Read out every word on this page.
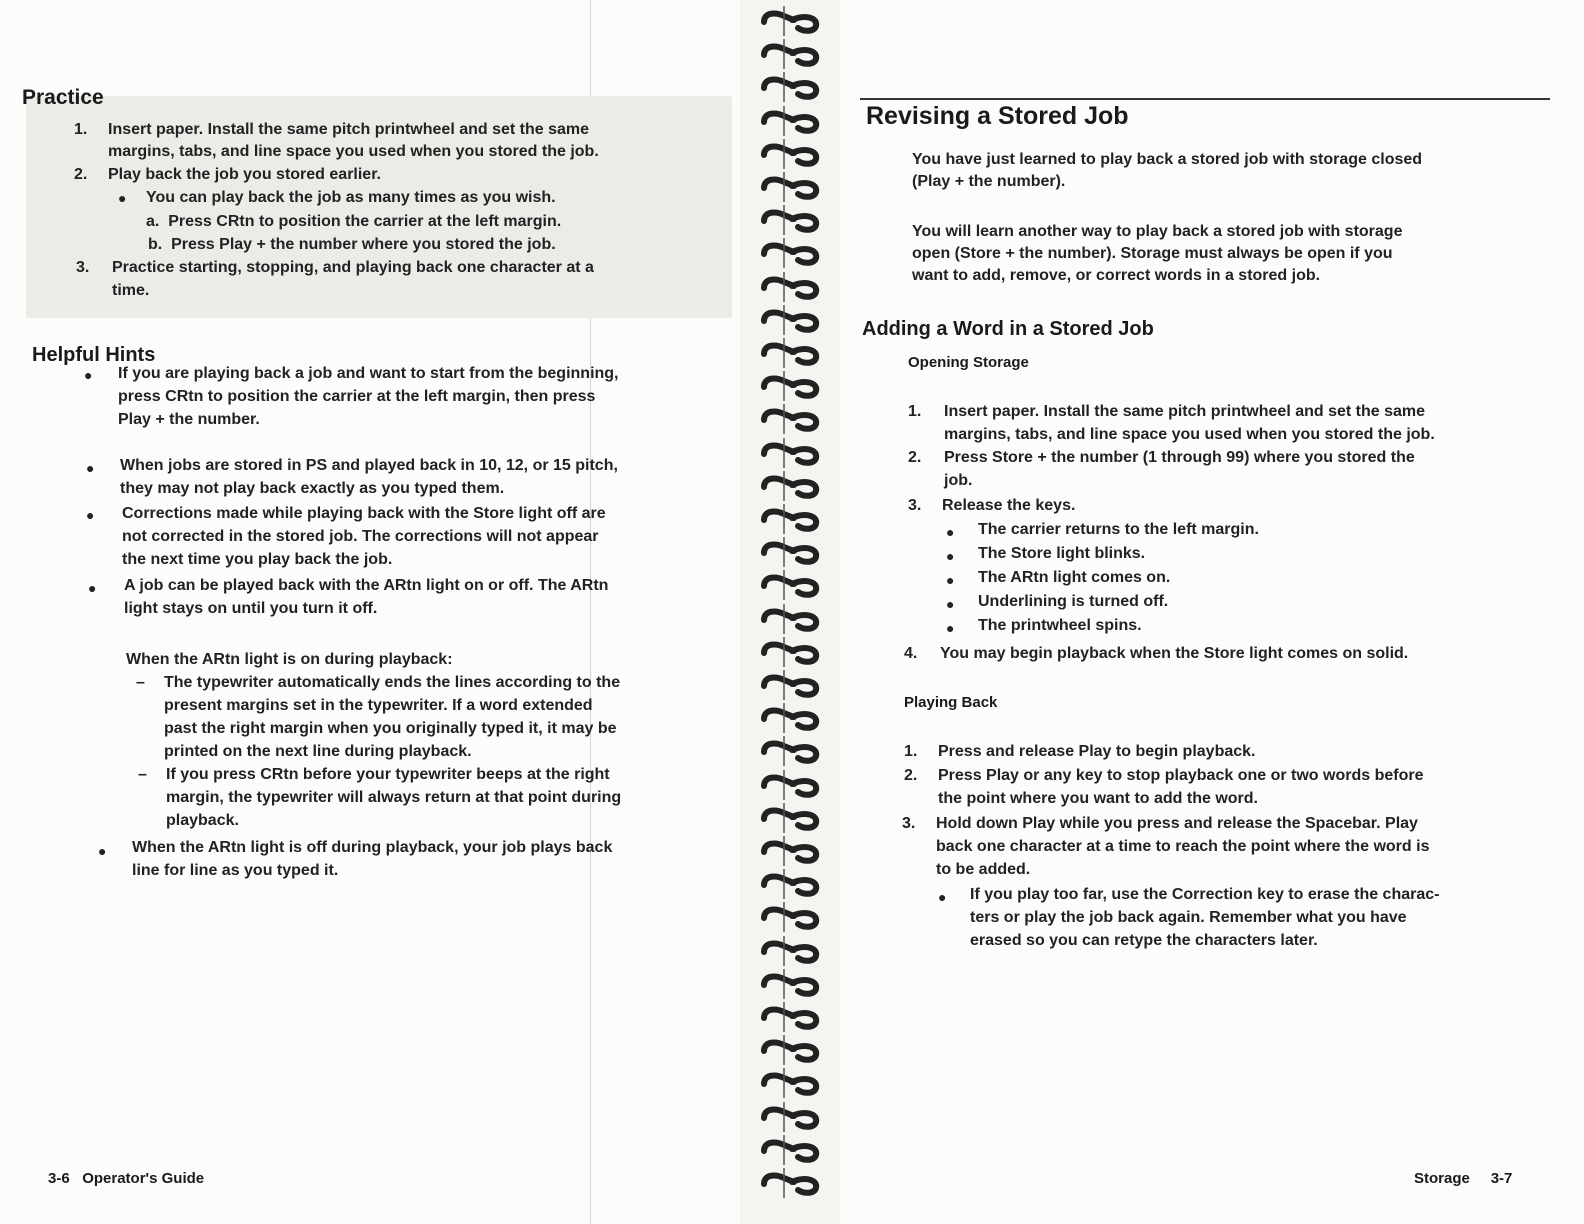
Practice
1. Insert paper. Install the same pitch printwheel and set the same
margins, tabs, and line space you used when you stored the job.
2. Play back the job you stored earlier.
● You can play back the job as many times as you wish.
a. Press CRtn to position the carrier at the left margin.
b. Press Play + the number where you stored the job.
3. Practice starting, stopping, and playing back one character at a
time.
Helpful Hints
● If you are playing back a job and want to start from the beginning,
press CRtn to position the carrier at the left margin, then press
Play + the number.
● When jobs are stored in PS and played back in 10, 12, or 15 pitch,
they may not play back exactly as you typed them.
● Corrections made while playing back with the Store light off are
not corrected in the stored job. The corrections will not appear
the next time you play back the job.
● A job can be played back with the ARtn light on or off. The ARtn
light stays on until you turn it off.
When the ARtn light is on during playback:
– The typewriter automatically ends the lines according to the
present margins set in the typewriter. If a word extended
past the right margin when you originally typed it, it may be
printed on the next line during playback.
– If you press CRtn before your typewriter beeps at the right
margin, the typewriter will always return at that point during
playback.
● When the ARtn light is off during playback, your job plays back
line for line as you typed it.
3-6 Operator's Guide
Revising a Stored Job
You have just learned to play back a stored job with storage closed
(Play + the number).
You will learn another way to play back a stored job with storage
open (Store + the number). Storage must always be open if you
want to add, remove, or correct words in a stored job.
Adding a Word in a Stored Job
Opening Storage
1. Insert paper. Install the same pitch printwheel and set the same
margins, tabs, and line space you used when you stored the job.
2. Press Store + the number (1 through 99) where you stored the
job.
3. Release the keys.
● The carrier returns to the left margin.
● The Store light blinks.
● The ARtn light comes on.
● Underlining is turned off.
● The printwheel spins.
4. You may begin playback when the Store light comes on solid.
Playing Back
1. Press and release Play to begin playback.
2. Press Play or any key to stop playback one or two words before
the point where you want to add the word.
3. Hold down Play while you press and release the Spacebar. Play
back one character at a time to reach the point where the word is
to be added.
● If you play too far, use the Correction key to erase the charac-
ters or play the job back again. Remember what you have
erased so you can retype the characters later.
Storage 3-7
